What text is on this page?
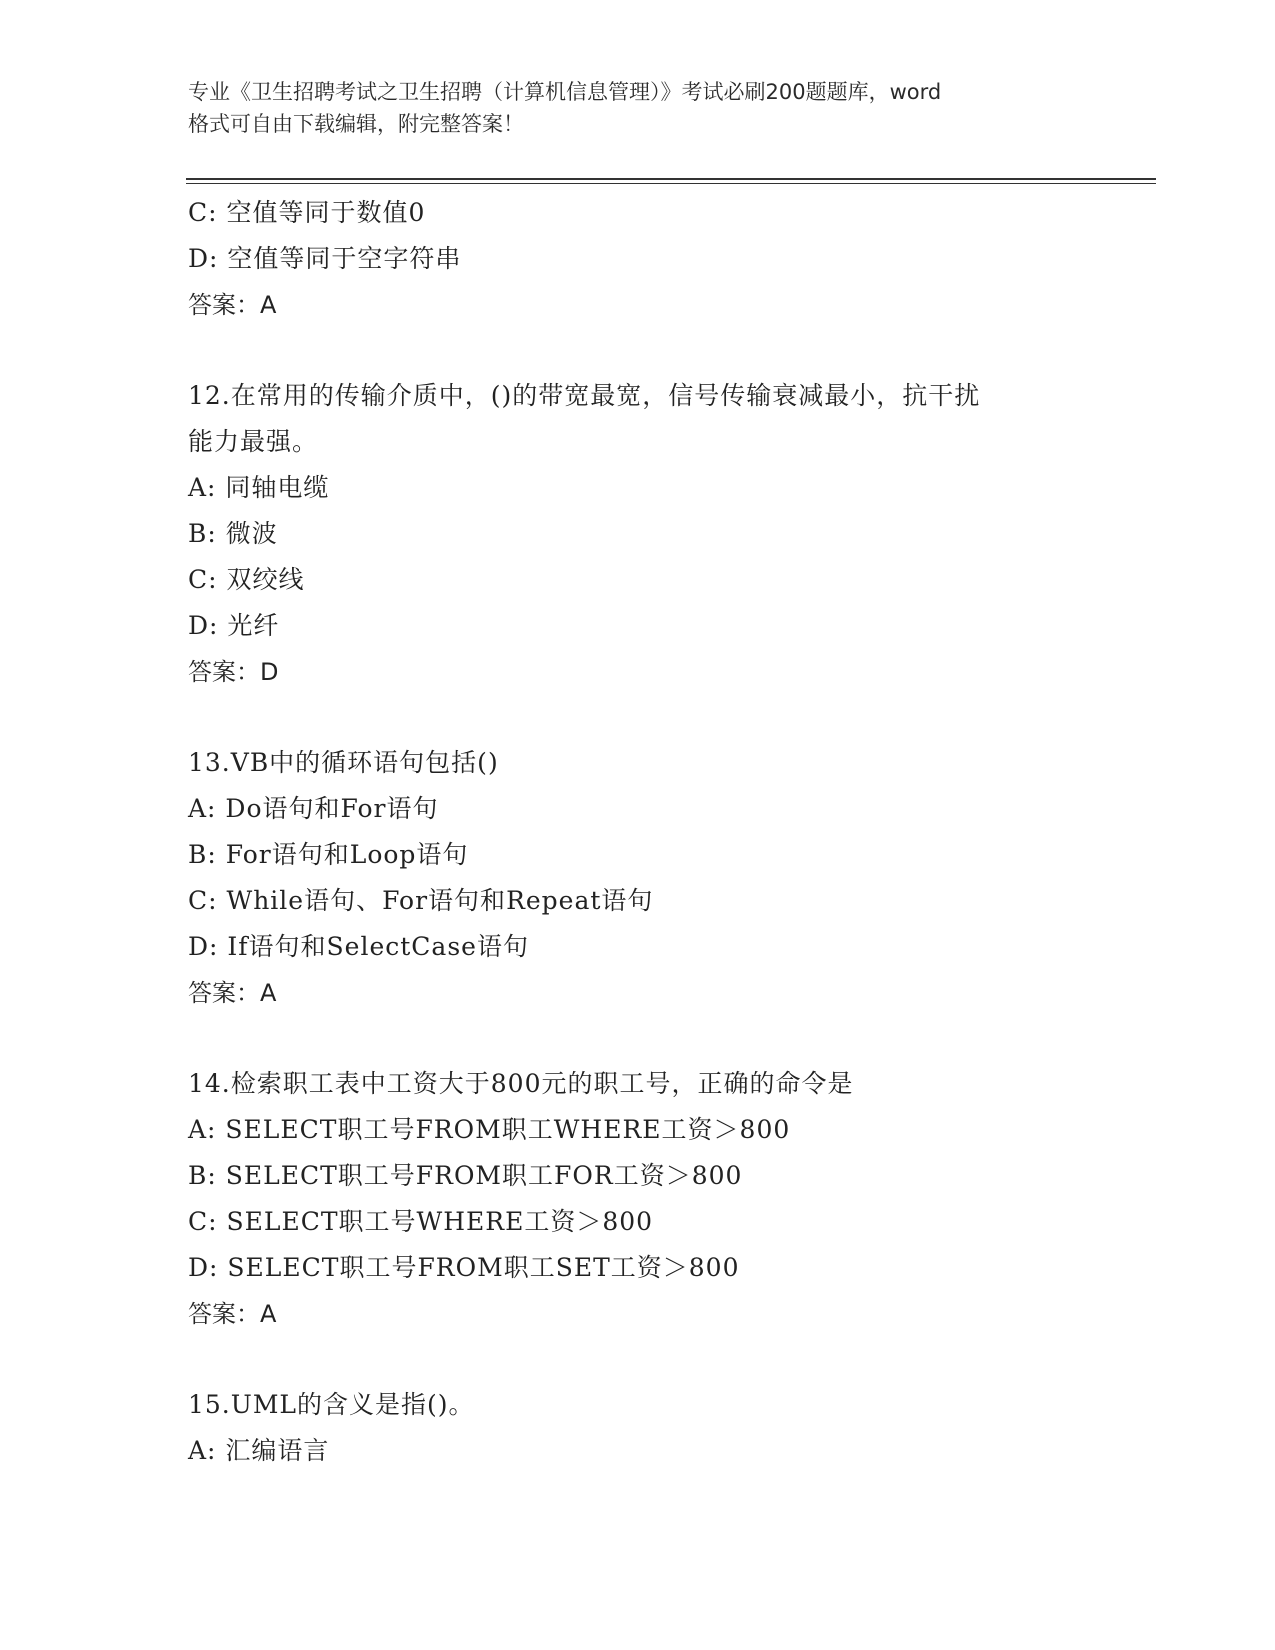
专业《卫生招聘考试之卫生招聘（计算机信息管理）》考试必刷200题题库，word
格式可自由下载编辑，附完整答案！
C: 空值等同于数值0
D: 空值等同于空字符串
答案：A
12.在常用的传输介质中，()的带宽最宽，信号传输衰减最小，抗干扰
能力最强。
A: 同轴电缆
B: 微波
C: 双绞线
D: 光纤
答案：D
13.VB中的循环语句包括()
A: Do语句和For语句
B: For语句和Loop语句
C: While语句、For语句和Repeat语句
D: If语句和SelectCase语句
答案：A
14.检索职工表中工资大于800元的职工号，正确的命令是
A: SELECT职工号FROM职工WHERE工资＞800
B: SELECT职工号FROM职工FOR工资＞800
C: SELECT职工号WHERE工资＞800
D: SELECT职工号FROM职工SET工资＞800
答案：A
15.UML的含义是指()。
A: 汇编语言
